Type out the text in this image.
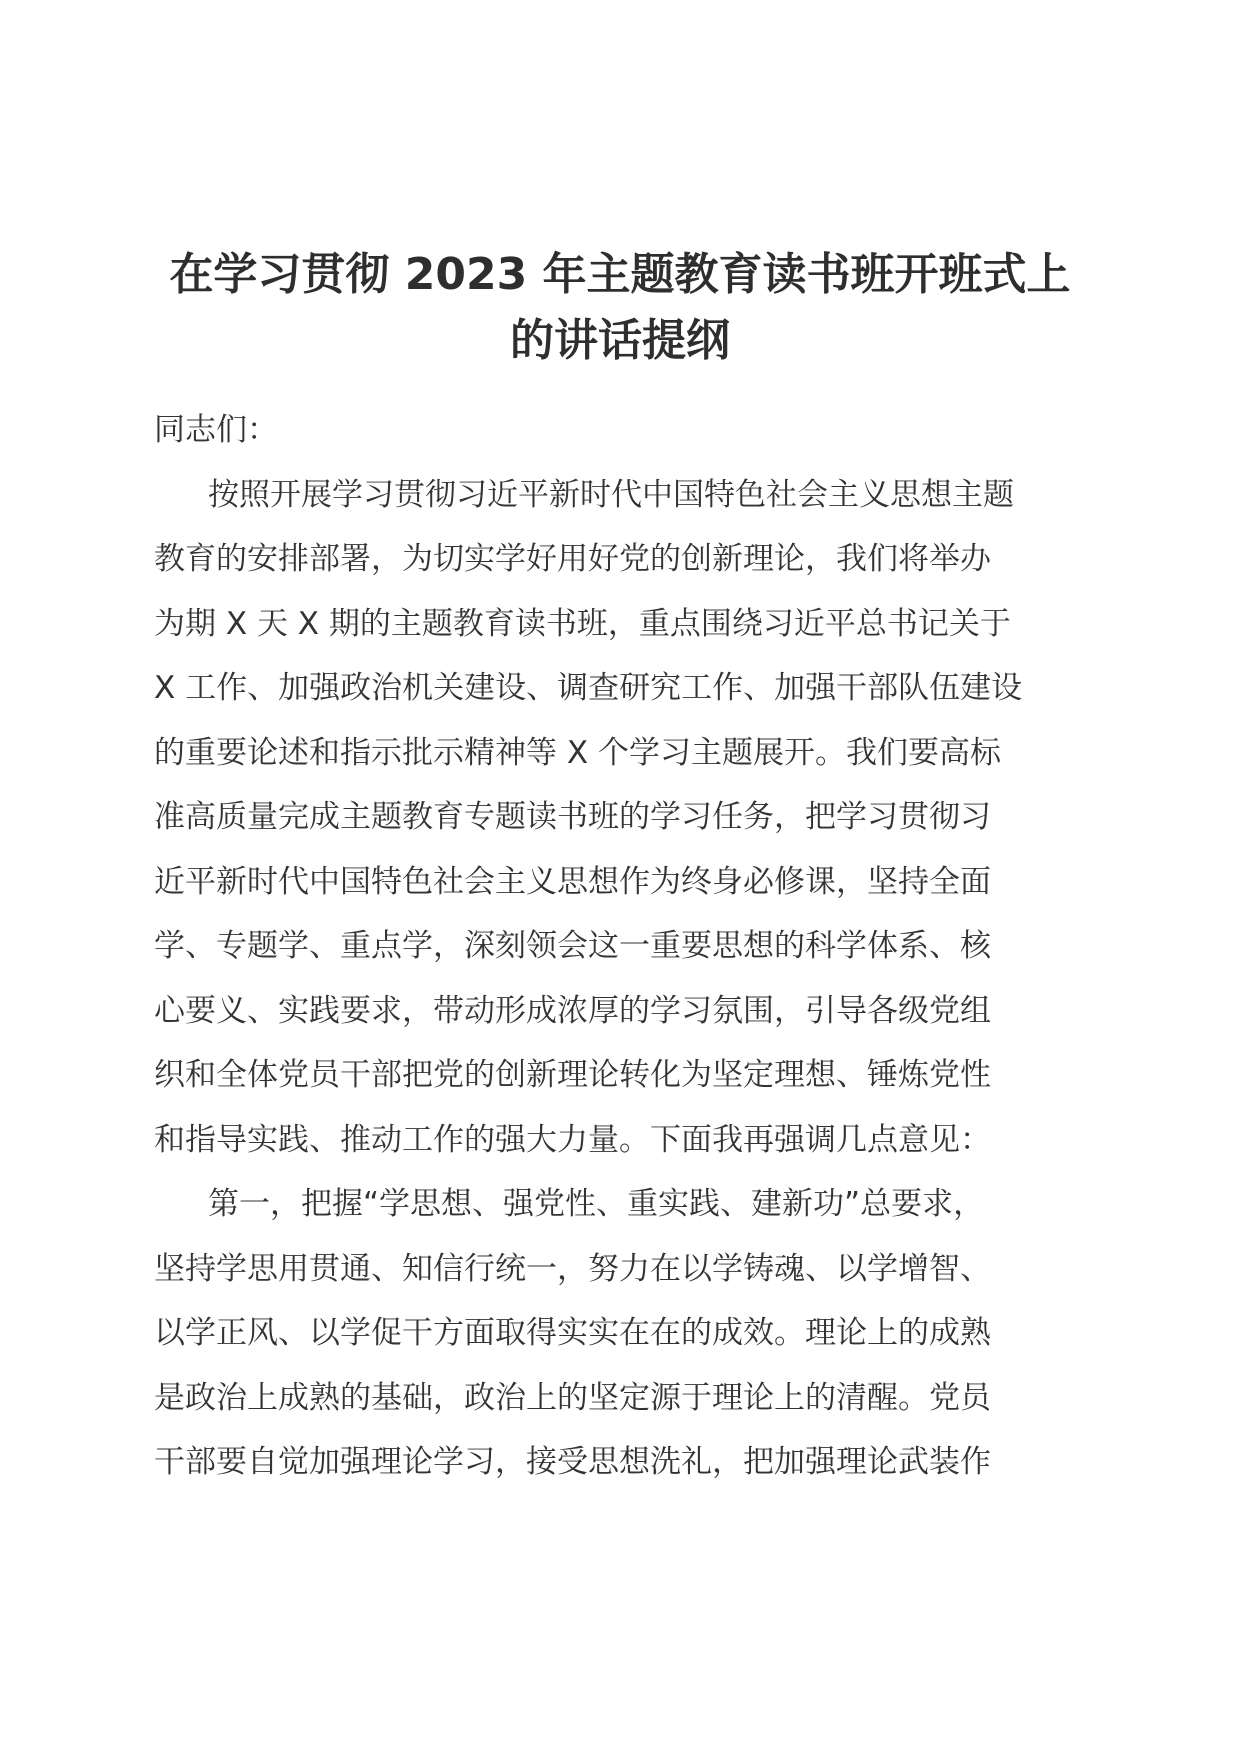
在学习贯彻 2023 年主题教育读书班开班式上
的讲话提纲
同志们：
按照开展学习贯彻习近平新时代中国特色社会主义思想主题
教育的安排部署，为切实学好用好党的创新理论，我们将举办
为期 X 天 X 期的主题教育读书班，重点围绕习近平总书记关于
X 工作、加强政治机关建设、调查研究工作、加强干部队伍建设
的重要论述和指示批示精神等 X 个学习主题展开。我们要高标
准高质量完成主题教育专题读书班的学习任务，把学习贯彻习
近平新时代中国特色社会主义思想作为终身必修课，坚持全面
学、专题学、重点学，深刻领会这一重要思想的科学体系、核
心要义、实践要求，带动形成浓厚的学习氛围，引导各级党组
织和全体党员干部把党的创新理论转化为坚定理想、锤炼党性
和指导实践、推动工作的强大力量。下面我再强调几点意见：
第一，把握“学思想、强党性、重实践、建新功”总要求，
坚持学思用贯通、知信行统一，努力在以学铸魂、以学增智、
以学正风、以学促干方面取得实实在在的成效。理论上的成熟
是政治上成熟的基础，政治上的坚定源于理论上的清醒。党员
干部要自觉加强理论学习，接受思想洗礼，把加强理论武装作
